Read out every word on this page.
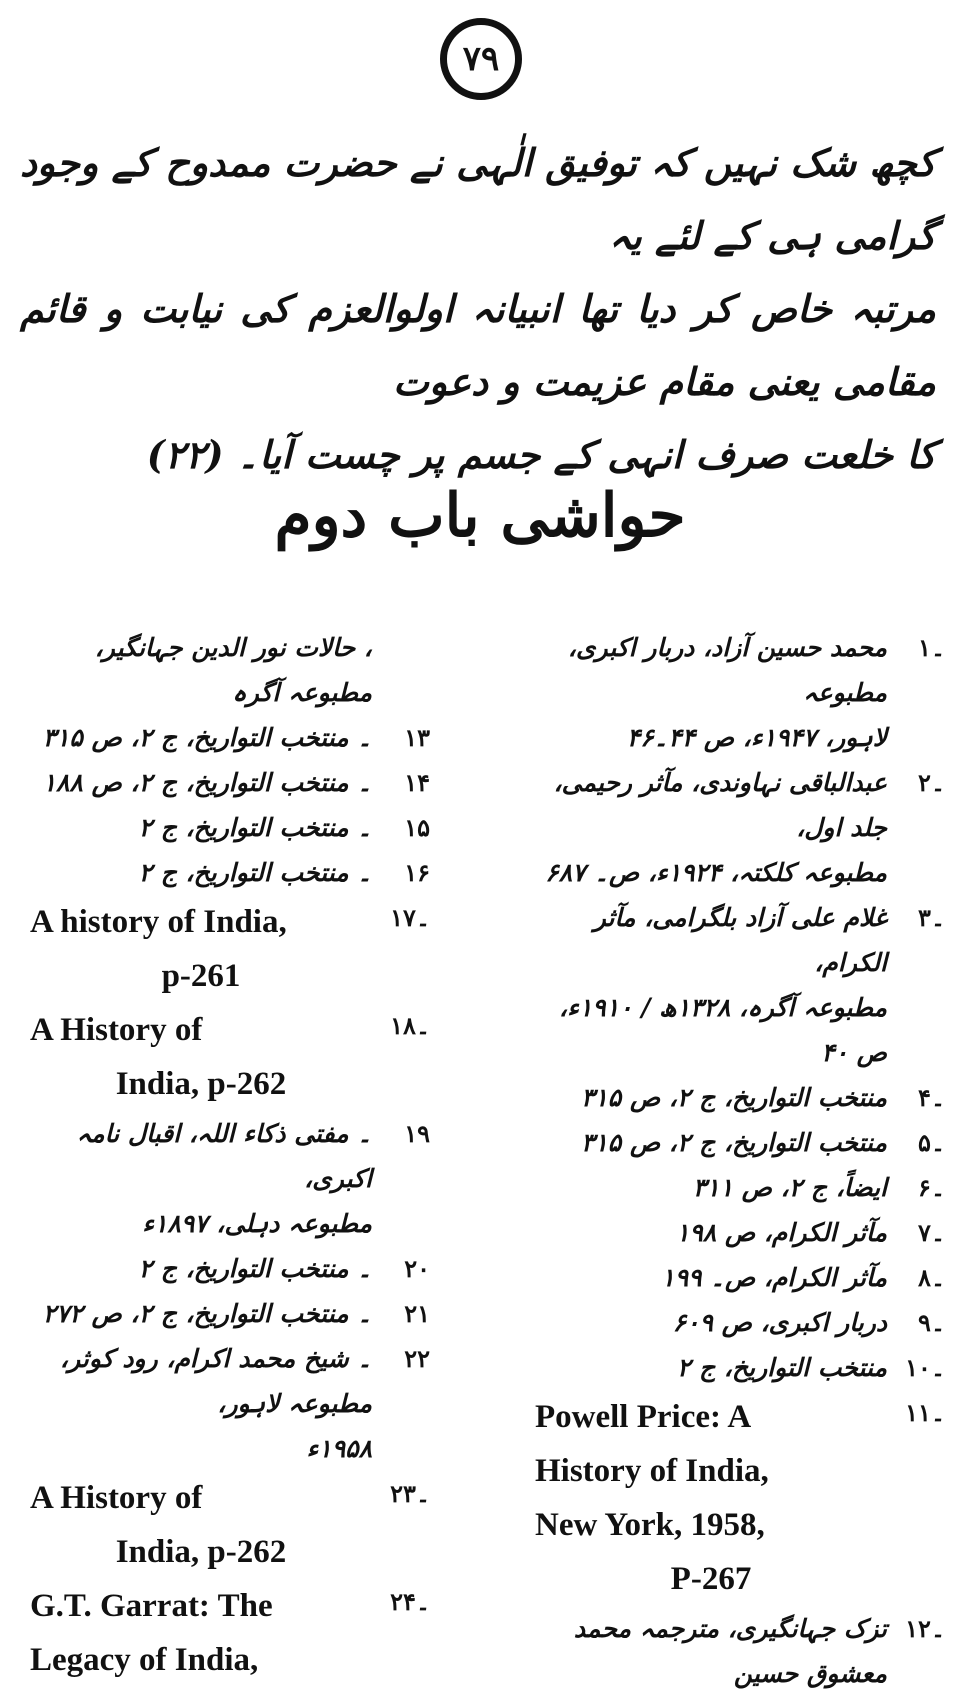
۷۹
کچھ شک نہیں کہ توفیق الٰہی نے حضرت ممدوح کے وجود گرامی ہی کے لئے یہ
مرتبہ خاص کر دیا تھا انبیانہ اولوالعزم کی نیابت و قائم مقامی یعنی مقام عزیمت و دعوت
کا خلعت صرف انہی کے جسم پر چست آیا۔ (۲۲)
حواشی باب دوم
۔۱
محمد حسین آزاد، دربار اکبری، مطبوعہ
لاہور، ۱۹۴۷ء، ص ۴۴۔۴۶
۔۲
عبدالباقی نہاوندی، مآثر رحیمی، جلد اول،
مطبوعہ کلکتہ، ۱۹۲۴ء، ص۔ ۶۸۷
۔۳
غلام علی آزاد بلگرامی، مآثر الکرام،
مطبوعہ آگرہ، ۱۳۲۸ھ / ۱۹۱۰ء،
ص ۴۰
۔۴
منتخب التواریخ، ج ۲، ص ۳۱۵
۔۵
منتخب التواریخ، ج ۲، ص ۳۱۵
۔۶
ایضاً، ج ۲، ص ۳۱۱
۔۷
مآثر الکرام، ص ۱۹۸
۔۸
مآثر الکرام، ص۔ ۱۹۹
۔۹
دربار اکبری، ص ۶۰۹
۔۱۰
منتخب التواریخ، ج ۲
۔۱۱
Powell Price: A
History of India,
New York, 1958,
P-267
۔۱۲
تزک جہانگیری، مترجمہ محمد معشوق حسین
، حالات نور الدین جہانگیر، مطبوعہ آگرہ
۱۳
۔ منتخب التواریخ، ج ۲، ص ۳۱۵
۱۴
۔ منتخب التواریخ، ج ۲، ص ۱۸۸
۱۵
۔ منتخب التواریخ، ج ۲
۱۶
۔ منتخب التواریخ، ج ۲
۔۱۷
A history of India,
p-261
۔۱۸
A History of
India, p-262
۱۹
۔ مفتی ذکاء اللہ، اقبال نامہ اکبری،
مطبوعہ دہلی، ۱۸۹۷ء
۲۰
۔ منتخب التواریخ، ج ۲
۲۱
۔ منتخب التواریخ، ج ۲، ص ۲۷۲
۲۲
۔ شیخ محمد اکرام، رود کوثر، مطبوعہ لاہور،
۱۹۵۸ء
۔۲۳
A History of
India, p-262
۔۲۴
G.T. Garrat: The
Legacy of India,
